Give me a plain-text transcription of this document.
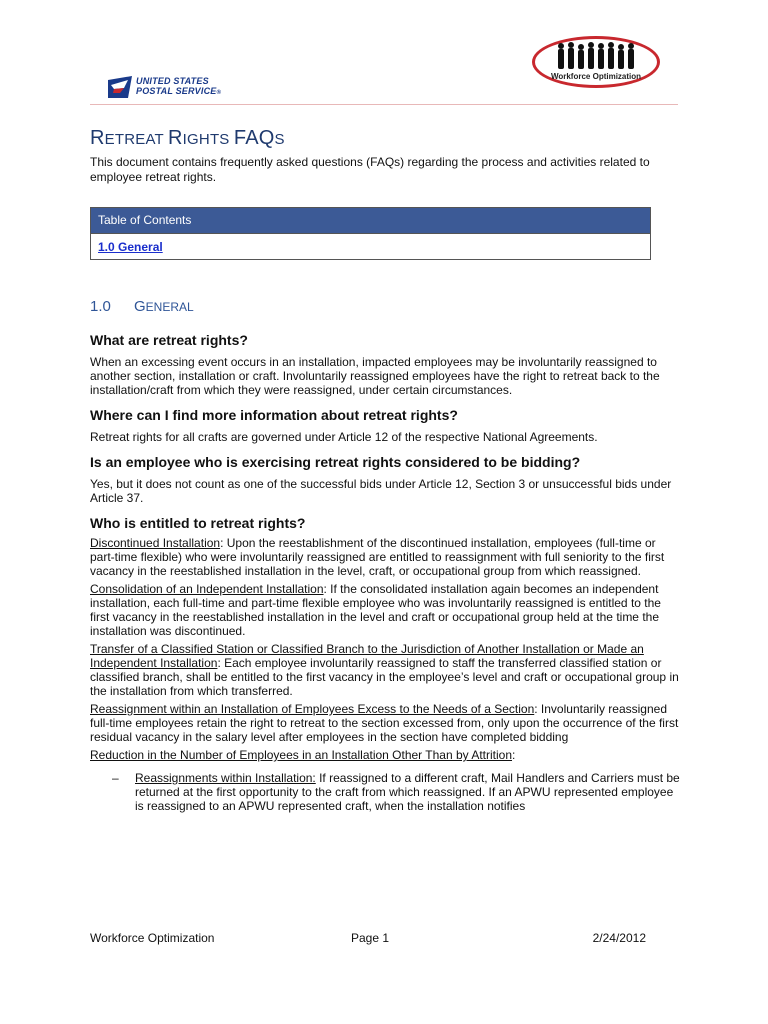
UNITED STATES
POSTAL SERVICE®
Workforce Optimization
RETREAT RIGHTS FAQS
This document contains frequently asked questions (FAQs) regarding the process and activities related to employee retreat rights.
Table of Contents
1.0 General
1.0 GENERAL
What are retreat rights?
When an excessing event occurs in an installation, impacted employees may be involuntarily reassigned to another section, installation or craft. Involuntarily reassigned employees have the right to retreat back to the installation/craft from which they were reassigned, under certain circumstances.
Where can I find more information about retreat rights?
Retreat rights for all crafts are governed under Article 12 of the respective National Agreements.
Is an employee who is exercising retreat rights considered to be bidding?
Yes, but it does not count as one of the successful bids under Article 12, Section 3 or unsuccessful bids under Article 37.
Who is entitled to retreat rights?
Discontinued Installation: Upon the reestablishment of the discontinued installation, employees (full-time or part-time flexible) who were involuntarily reassigned are entitled to reassignment with full seniority to the first vacancy in the reestablished installation in the level, craft, or occupational group from which reassigned.
Consolidation of an Independent Installation: If the consolidated installation again becomes an independent installation, each full-time and part-time flexible employee who was involuntarily reassigned is entitled to the first vacancy in the reestablished installation in the level and craft or occupational group held at the time the installation was discontinued.
Transfer of a Classified Station or Classified Branch to the Jurisdiction of Another Installation or Made an Independent Installation: Each employee involuntarily reassigned to staff the transferred classified station or classified branch, shall be entitled to the first vacancy in the employee’s level and craft or occupational group in the installation from which transferred.
Reassignment within an Installation of Employees Excess to the Needs of a Section: Involuntarily reassigned full-time employees retain the right to retreat to the section excessed from, only upon the occurrence of the first residual vacancy in the salary level after employees in the section have completed bidding
Reduction in the Number of Employees in an Installation Other Than by Attrition:
– Reassignments within Installation: If reassigned to a different craft, Mail Handlers and Carriers must be returned at the first opportunity to the craft from which reassigned. If an APWU represented employee is reassigned to an APWU represented craft, when the installation notifies
Workforce Optimization	Page 1	2/24/2012
